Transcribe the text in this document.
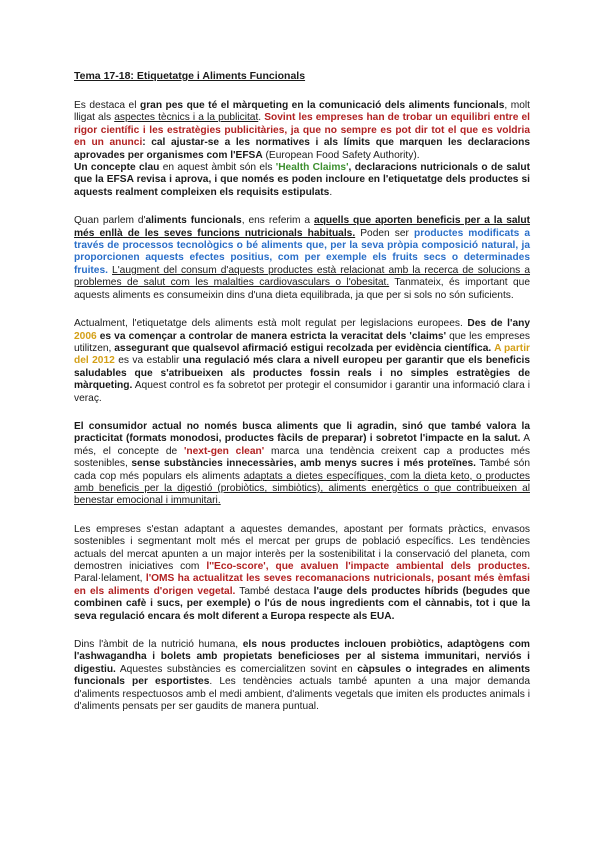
Tema 17-18: Etiquetatge i Aliments Funcionals

Es destaca el gran pes que té el màrqueting en la comunicació dels aliments funcionals, molt lligat als aspectes tècnics i a la publicitat. Sovint les empreses han de trobar un equilibri entre el rigor científic i les estratègies publicitàries, ja que no sempre es pot dir tot el que es voldria en un anunci: cal ajustar-se a les normatives i als límits que marquen les declaracions aprovades per organismes com l'EFSA (European Food Safety Authority).
Un concepte clau en aquest àmbit són els 'Health Claims', declaracions nutricionals o de salut que la EFSA revisa i aprova, i que només es poden incloure en l'etiquetatge dels productes si aquests realment compleixen els requisits estipulats.

Quan parlem d'aliments funcionals, ens referim a aquells que aporten beneficis per a la salut més enllà de les seves funcions nutricionals habituals. Poden ser productes modificats a través de processos tecnològics o bé aliments que, per la seva pròpia composició natural, ja proporcionen aquests efectes positius, com per exemple els fruits secs o determinades fruites. L'augment del consum d'aquests productes està relacionat amb la recerca de solucions a problemes de salut com les malalties cardiovasculars o l'obesitat. Tanmateix, és important que aquests aliments es consumeixin dins d'una dieta equilibrada, ja que per si sols no són suficients.

Actualment, l'etiquetatge dels aliments està molt regulat per legislacions europees. Des de l'any 2006 es va començar a controlar de manera estricta la veracitat dels 'claims' que les empreses utilitzen, assegurant que qualsevol afirmació estigui recolzada per evidència científica. A partir del 2012 es va establir una regulació més clara a nivell europeu per garantir que els beneficis saludables que s'atribueixen als productes fossin reals i no simples estratègies de màrqueting. Aquest control es fa sobretot per protegir el consumidor i garantir una informació clara i veraç.

El consumidor actual no només busca aliments que li agradin, sinó que també valora la practicitat (formats monodosi, productes fàcils de preparar) i sobretot l'impacte en la salut. A més, el concepte de 'next-gen clean' marca una tendència creixent cap a productes més sostenibles, sense substàncies innecessàries, amb menys sucres i més proteïnes. També són cada cop més populars els aliments adaptats a dietes específiques, com la dieta keto, o productes amb beneficis per la digestió (probiòtics, simbiòtics), aliments energètics o que contribueixen al benestar emocional i immunitari.

Les empreses s'estan adaptant a aquestes demandes, apostant per formats pràctics, envasos sostenibles i segmentant molt més el mercat per grups de població específics. Les tendències actuals del mercat apunten a un major interès per la sostenibilitat i la conservació del planeta, com demostren iniciatives com l''Eco-score', que avaluen l'impacte ambiental dels productes. Paral·lelament, l'OMS ha actualitzat les seves recomanacions nutricionals, posant més èmfasi en els aliments d'origen vegetal. També destaca l'auge dels productes híbrids (begudes que combinen cafè i sucs, per exemple) o l'ús de nous ingredients com el cànnabis, tot i que la seva regulació encara és molt diferent a Europa respecte als EUA.

Dins l'àmbit de la nutrició humana, els nous productes inclouen probiòtics, adaptògens com l'ashwagandha i bolets amb propietats beneficioses per al sistema immunitari, nerviós i digestiu. Aquestes substàncies es comercialitzen sovint en càpsules o integrades en aliments funcionals per esportistes. Les tendències actuals també apunten a una major demanda d'aliments respectuosos amb el medi ambient, d'aliments vegetals que imiten els productes animals i d'aliments pensats per ser gaudits de manera puntual.
